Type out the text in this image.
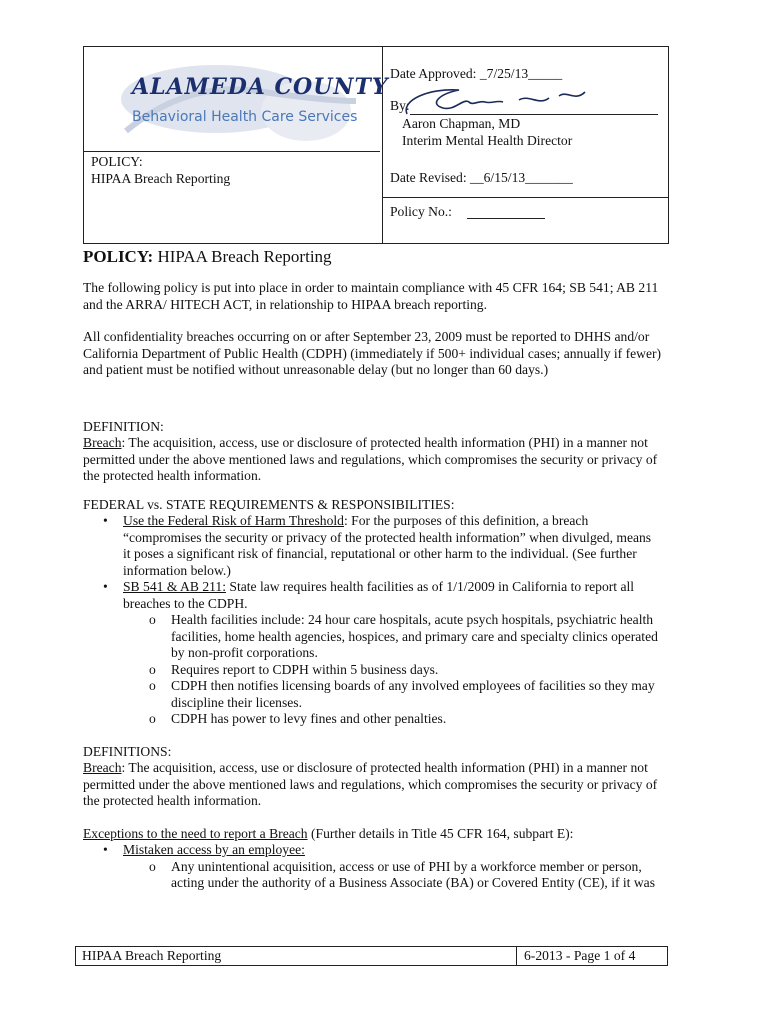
ALAMEDA COUNTY
Behavioral Health Care Services
POLICY:
HIPAA Breach Reporting
Date Approved: _7/25/13_____
By:
Aaron Chapman, MD
Interim Mental Health Director
Date Revised: __6/15/13_______
Policy No.:
POLICY: HIPAA Breach Reporting

The following policy is put into place in order to maintain compliance with 45 CFR 164; SB 541; AB 211
and the ARRA/ HITECH ACT, in relationship to HIPAA breach reporting.

All confidentiality breaches occurring on or after September 23, 2009 must be reported to DHHS and/or
California Department of Public Health (CDPH) (immediately if 500+ individual cases; annually if fewer)
and patient must be notified without unreasonable delay (but no longer than 60 days.)

DEFINITION:
Breach: The acquisition, access, use or disclosure of protected health information (PHI) in a manner not
permitted under the above mentioned laws and regulations, which compromises the security or privacy of
the protected health information.

FEDERAL vs. STATE REQUIREMENTS & RESPONSIBILITIES:
• Use the Federal Risk of Harm Threshold: For the purposes of this definition, a breach
“compromises the security or privacy of the protected health information” when divulged, means
it poses a significant risk of financial, reputational or other harm to the individual. (See further
information below.)
• SB 541 & AB 211: State law requires health facilities as of 1/1/2009 in California to report all
breaches to the CDPH.
o Health facilities include: 24 hour care hospitals, acute psych hospitals, psychiatric health
facilities, home health agencies, hospices, and primary care and specialty clinics operated
by non-profit corporations.
o Requires report to CDPH within 5 business days.
o CDPH then notifies licensing boards of any involved employees of facilities so they may
discipline their licenses.
o CDPH has power to levy fines and other penalties.

DEFINITIONS:
Breach: The acquisition, access, use or disclosure of protected health information (PHI) in a manner not
permitted under the above mentioned laws and regulations, which compromises the security or privacy of
the protected health information.

Exceptions to the need to report a Breach (Further details in Title 45 CFR 164, subpart E):
• Mistaken access by an employee:
o Any unintentional acquisition, access or use of PHI by a workforce member or person,
acting under the authority of a Business Associate (BA) or Covered Entity (CE), if it was
HIPAA Breach Reporting	6-2013 - Page 1 of 4
